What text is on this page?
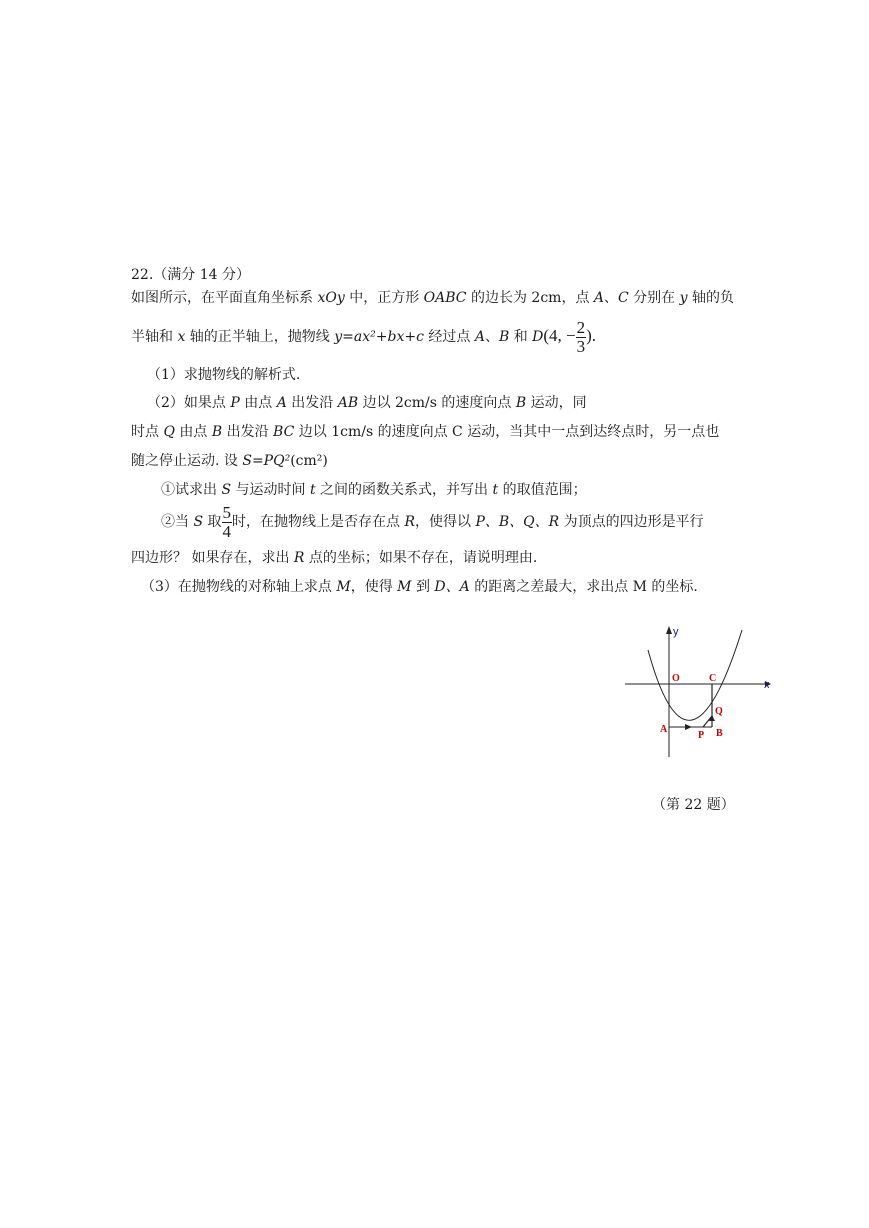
22.（满分 14 分）
如图所示，在平面直角坐标系 xOy 中，正方形 OABC 的边长为 2cm，点 A、C 分别在 y 轴的负
半轴和 x 轴的正半轴上，抛物线 y=ax²+bx+c 经过点 A、B 和 D(4, − $\frac{2}{3}$ ).
（1）求抛物线的解析式.
（2）如果点 P 由点 A 出发沿 AB 边以 2cm/s 的速度向点 B 运动，同
时点 Q 由点 B 出发沿 BC 边以 1cm/s 的速度向点 C 运动，当其中一点到达终点时，另一点也
随之停止运动. 设 S=PQ²(cm²)
①试求出 S 与运动时间 t 之间的函数关系式，并写出 t 的取值范围；
②当 S 取 $\frac{5}{4}$ 时，在抛物线上是否存在点 R，使得以 P、B、Q、R 为顶点的四边形是平行
四边形？ 如果存在，求出 R 点的坐标；如果不存在，请说明理由.
（3）在抛物线的对称轴上求点 M，使得 M 到 D、A 的距离之差最大，求出点 M 的坐标.
y
x
O	C
Q
A
P B
（第 22 题）
